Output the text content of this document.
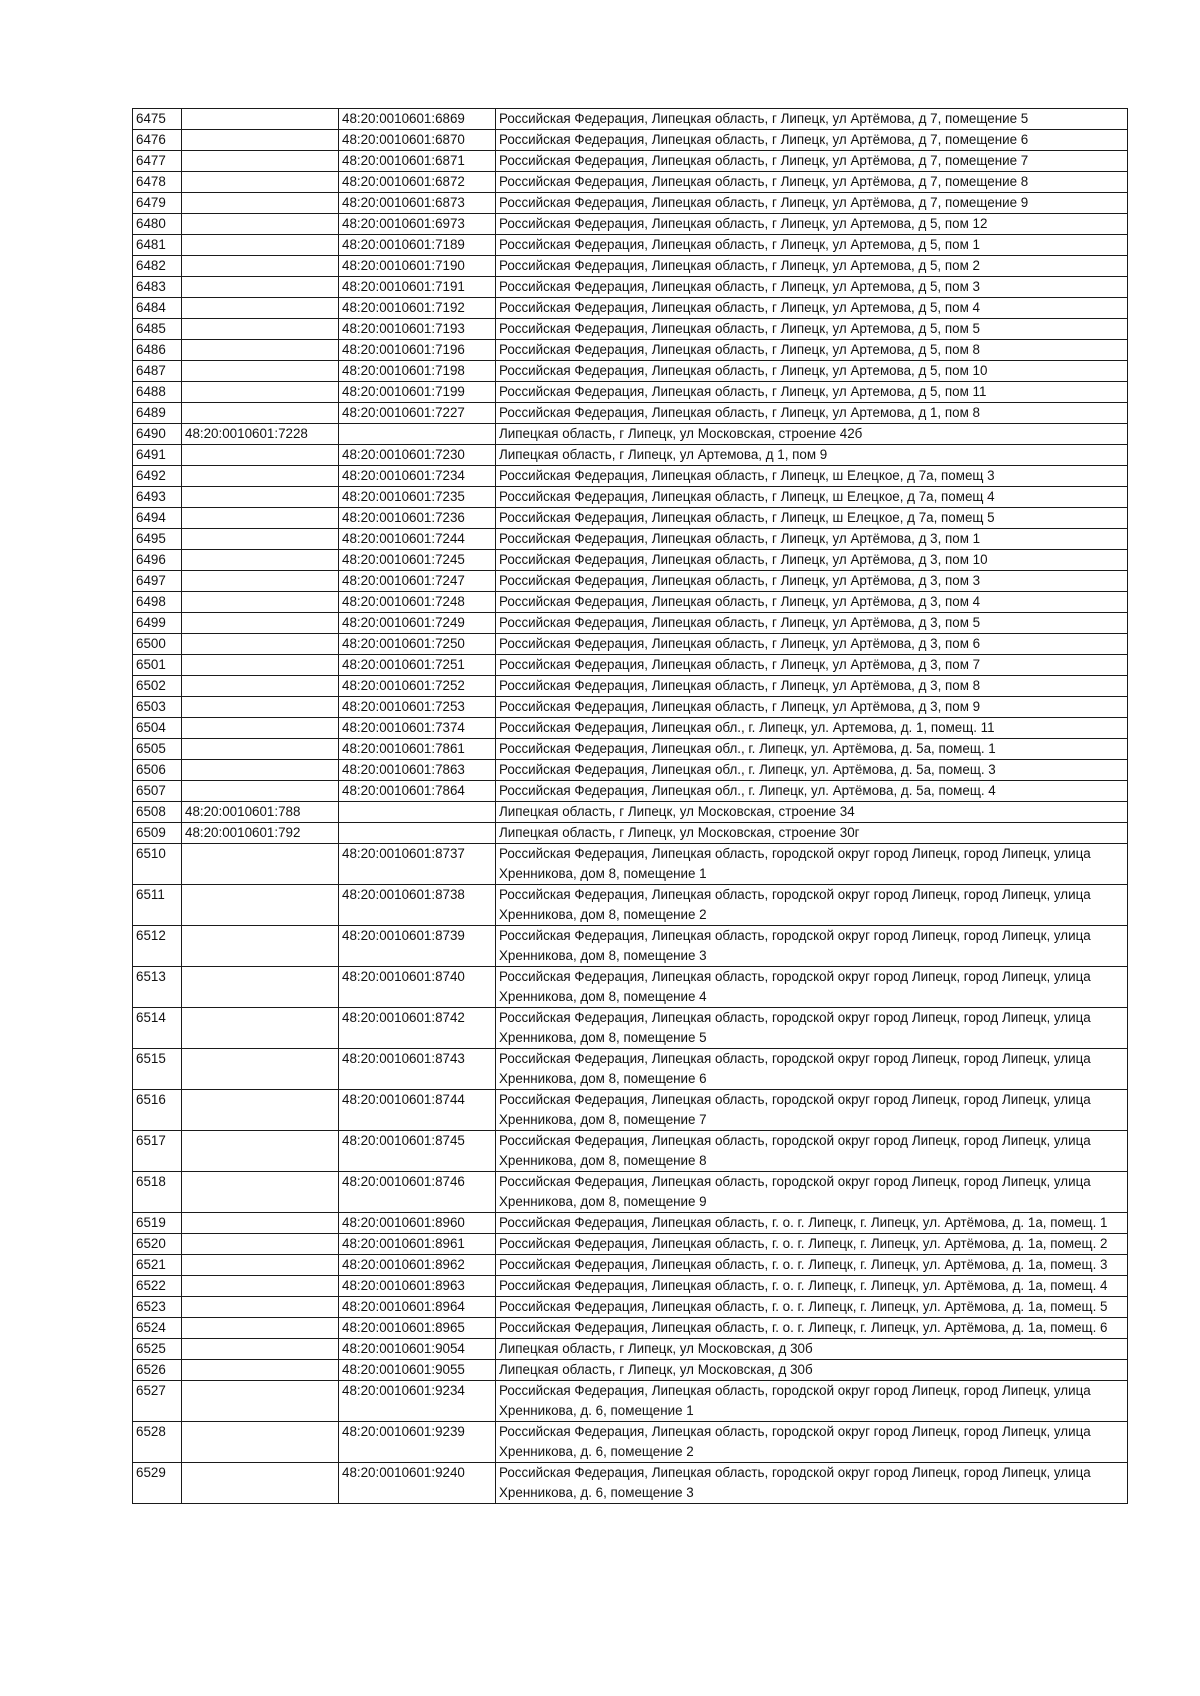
6475		48:20:0010601:6869	Российская Федерация, Липецкая область, г Липецк, ул Артёмова, д 7, помещение 5
6476		48:20:0010601:6870	Российская Федерация, Липецкая область, г Липецк, ул Артёмова, д 7, помещение 6
6477		48:20:0010601:6871	Российская Федерация, Липецкая область, г Липецк, ул Артёмова, д 7, помещение 7
6478		48:20:0010601:6872	Российская Федерация, Липецкая область, г Липецк, ул Артёмова, д 7, помещение 8
6479		48:20:0010601:6873	Российская Федерация, Липецкая область, г Липецк, ул Артёмова, д 7, помещение 9
6480		48:20:0010601:6973	Российская Федерация, Липецкая область, г Липецк, ул Артемова, д 5, пом 12
6481		48:20:0010601:7189	Российская Федерация, Липецкая область, г Липецк, ул Артемова, д 5, пом 1
6482		48:20:0010601:7190	Российская Федерация, Липецкая область, г Липецк, ул Артемова, д 5, пом 2
6483		48:20:0010601:7191	Российская Федерация, Липецкая область, г Липецк, ул Артемова, д 5, пом 3
6484		48:20:0010601:7192	Российская Федерация, Липецкая область, г Липецк, ул Артемова, д 5, пом 4
6485		48:20:0010601:7193	Российская Федерация, Липецкая область, г Липецк, ул Артемова, д 5, пом 5
6486		48:20:0010601:7196	Российская Федерация, Липецкая область, г Липецк, ул Артемова, д 5, пом 8
6487		48:20:0010601:7198	Российская Федерация, Липецкая область, г Липецк, ул Артемова, д 5, пом 10
6488		48:20:0010601:7199	Российская Федерация, Липецкая область, г Липецк, ул Артемова, д 5, пом 11
6489		48:20:0010601:7227	Российская Федерация, Липецкая область, г Липецк, ул Артемова, д 1, пом 8
6490	48:20:0010601:7228		Липецкая область, г Липецк, ул Московская, строение 42б
6491		48:20:0010601:7230	Липецкая область, г Липецк, ул Артемова, д 1, пом 9
6492		48:20:0010601:7234	Российская Федерация, Липецкая область, г Липецк, ш Елецкое, д 7а, помещ 3
6493		48:20:0010601:7235	Российская Федерация, Липецкая область, г Липецк, ш Елецкое, д 7а, помещ 4
6494		48:20:0010601:7236	Российская Федерация, Липецкая область, г Липецк, ш Елецкое, д 7а, помещ 5
6495		48:20:0010601:7244	Российская Федерация, Липецкая область, г Липецк, ул Артёмова, д 3, пом 1
6496		48:20:0010601:7245	Российская Федерация, Липецкая область, г Липецк, ул Артёмова, д 3, пом 10
6497		48:20:0010601:7247	Российская Федерация, Липецкая область, г Липецк, ул Артёмова, д 3, пом 3
6498		48:20:0010601:7248	Российская Федерация, Липецкая область, г Липецк, ул Артёмова, д 3, пом 4
6499		48:20:0010601:7249	Российская Федерация, Липецкая область, г Липецк, ул Артёмова, д 3, пом 5
6500		48:20:0010601:7250	Российская Федерация, Липецкая область, г Липецк, ул Артёмова, д 3, пом 6
6501		48:20:0010601:7251	Российская Федерация, Липецкая область, г Липецк, ул Артёмова, д 3, пом 7
6502		48:20:0010601:7252	Российская Федерация, Липецкая область, г Липецк, ул Артёмова, д 3, пом 8
6503		48:20:0010601:7253	Российская Федерация, Липецкая область, г Липецк, ул Артёмова, д 3, пом 9
6504		48:20:0010601:7374	Российская Федерация, Липецкая обл., г. Липецк, ул. Артемова, д. 1, помещ. 11
6505		48:20:0010601:7861	Российская Федерация, Липецкая обл., г. Липецк, ул. Артёмова, д. 5а, помещ. 1
6506		48:20:0010601:7863	Российская Федерация, Липецкая обл., г. Липецк, ул. Артёмова, д. 5а, помещ. 3
6507		48:20:0010601:7864	Российская Федерация, Липецкая обл., г. Липецк, ул. Артёмова, д. 5а, помещ. 4
6508	48:20:0010601:788		Липецкая область, г Липецк, ул Московская, строение 34
6509	48:20:0010601:792		Липецкая область, г Липецк, ул Московская, строение 30г
6510		48:20:0010601:8737	Российская Федерация, Липецкая область, городской округ город Липецк, город Липецк, улица Хренникова, дом 8, помещение 1
6511		48:20:0010601:8738	Российская Федерация, Липецкая область, городской округ город Липецк, город Липецк, улица Хренникова, дом 8, помещение 2
6512		48:20:0010601:8739	Российская Федерация, Липецкая область, городской округ город Липецк, город Липецк, улица Хренникова, дом 8, помещение 3
6513		48:20:0010601:8740	Российская Федерация, Липецкая область, городской округ город Липецк, город Липецк, улица Хренникова, дом 8, помещение 4
6514		48:20:0010601:8742	Российская Федерация, Липецкая область, городской округ город Липецк, город Липецк, улица Хренникова, дом 8, помещение 5
6515		48:20:0010601:8743	Российская Федерация, Липецкая область, городской округ город Липецк, город Липецк, улица Хренникова, дом 8, помещение 6
6516		48:20:0010601:8744	Российская Федерация, Липецкая область, городской округ город Липецк, город Липецк, улица Хренникова, дом 8, помещение 7
6517		48:20:0010601:8745	Российская Федерация, Липецкая область, городской округ город Липецк, город Липецк, улица Хренникова, дом 8, помещение 8
6518		48:20:0010601:8746	Российская Федерация, Липецкая область, городской округ город Липецк, город Липецк, улица Хренникова, дом 8, помещение 9
6519		48:20:0010601:8960	Российская Федерация, Липецкая область, г. о. г. Липецк, г. Липецк, ул. Артёмова, д. 1а, помещ. 1
6520		48:20:0010601:8961	Российская Федерация, Липецкая область, г. о. г. Липецк, г. Липецк, ул. Артёмова, д. 1а, помещ. 2
6521		48:20:0010601:8962	Российская Федерация, Липецкая область, г. о. г. Липецк, г. Липецк, ул. Артёмова, д. 1а, помещ. 3
6522		48:20:0010601:8963	Российская Федерация, Липецкая область, г. о. г. Липецк, г. Липецк, ул. Артёмова, д. 1а, помещ. 4
6523		48:20:0010601:8964	Российская Федерация, Липецкая область, г. о. г. Липецк, г. Липецк, ул. Артёмова, д. 1а, помещ. 5
6524		48:20:0010601:8965	Российская Федерация, Липецкая область, г. о. г. Липецк, г. Липецк, ул. Артёмова, д. 1а, помещ. 6
6525		48:20:0010601:9054	Липецкая область, г Липецк, ул Московская, д 30б
6526		48:20:0010601:9055	Липецкая область, г Липецк, ул Московская, д 30б
6527		48:20:0010601:9234	Российская Федерация, Липецкая область, городской округ город Липецк, город Липецк, улица Хренникова, д. 6, помещение 1
6528		48:20:0010601:9239	Российская Федерация, Липецкая область, городской округ город Липецк, город Липецк, улица Хренникова, д. 6, помещение 2
6529		48:20:0010601:9240	Российская Федерация, Липецкая область, городской округ город Липецк, город Липецк, улица Хренникова, д. 6, помещение 3
